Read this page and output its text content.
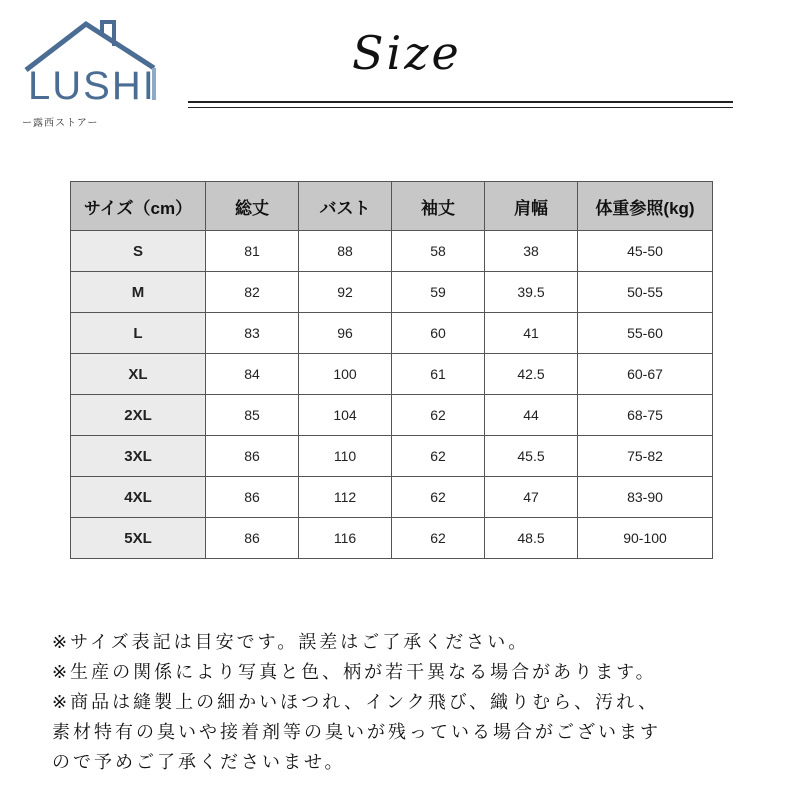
LUSHI
ー露西ストアー
Size
サイズ（cm）	総丈	バスト	袖丈	肩幅	体重参照(kg)
S	81	88	58	38	45-50
M	82	92	59	39.5	50-55
L	83	96	60	41	55-60
XL	84	100	61	42.5	60-67
2XL	85	104	62	44	68-75
3XL	86	110	62	45.5	75-82
4XL	86	112	62	47	83-90
5XL	86	116	62	48.5	90-100
※サイズ表記は目安です。誤差はご了承ください。
※生産の関係により写真と色、柄が若干異なる場合があります。
※商品は縫製上の細かいほつれ、インク飛び、織りむら、汚れ、
素材特有の臭いや接着剤等の臭いが残っている場合がございます
ので予めご了承くださいませ。
